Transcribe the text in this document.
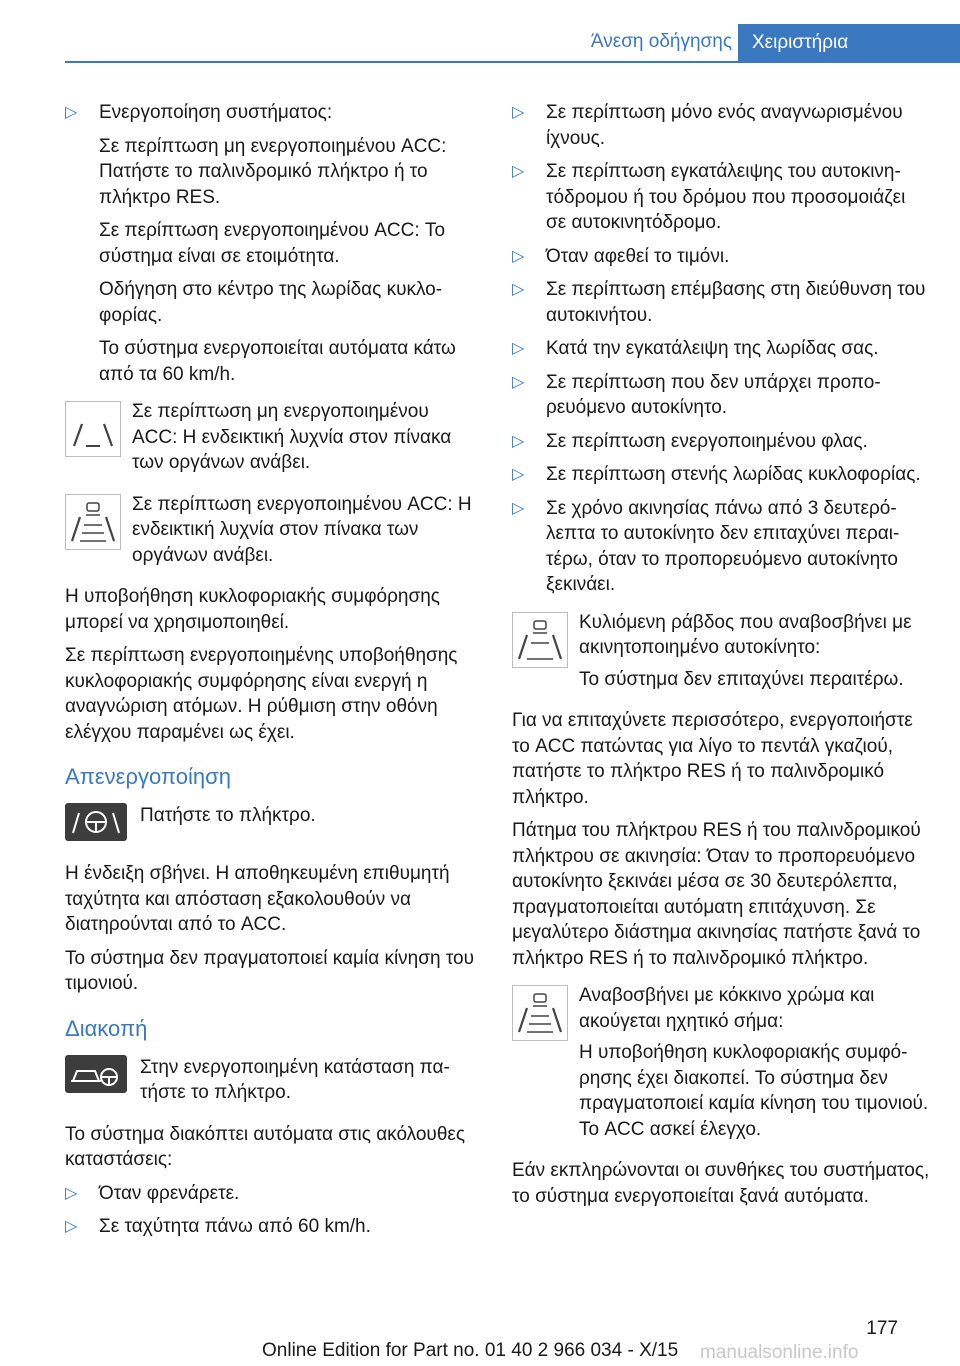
Άνεση οδήγησης	Χειριστήρια
▷ Ενεργοποίηση συστήματος:

Σε περίπτωση μη ενεργοποιημένου ACC: Πατήστε το παλινδρομικό πλήκτρο ή το πλήκτρο RES.

Σε περίπτωση ενεργοποιημένου ACC: Το σύστημα είναι σε ετοιμότητα.

Οδήγηση στο κέντρο της λωρίδας κυκλοφορίας.

Το σύστημα ενεργοποιείται αυτόματα κάτω από τα 60 km/h.

Σε περίπτωση μη ενεργοποιημένου ACC: Η ενδεικτική λυχνία στον πίνακα των οργάνων ανάβει.
Σε περίπτωση ενεργοποιημένου ACC: Η ενδεικτική λυχνία στον πίνακα των οργάνων ανάβει.

Η υποβοήθηση κυκλοφοριακής συμφόρησης μπορεί να χρησιμοποιηθεί.

Σε περίπτωση ενεργοποιημένης υποβοήθησης κυκλοφοριακής συμφόρησης είναι ενεργή η αναγνώριση ατόμων. Η ρύθμιση στην οθόνη ελέγχου παραμένει ως έχει.

Απενεργοποίηση
Πατήστε το πλήκτρο.

Η ένδειξη σβήνει. Η αποθηκευμένη επιθυμητή ταχύτητα και απόσταση εξακολουθούν να διατηρούνται από το ACC.

Το σύστημα δεν πραγματοποιεί καμία κίνηση του τιμονιού.

Διακοπή
Στην ενεργοποιημένη κατάσταση πατήστε το πλήκτρο.

Το σύστημα διακόπτει αυτόματα στις ακόλουθες καταστάσεις:

▷ Όταν φρενάρετε.
▷ Σε ταχύτητα πάνω από 60 km/h.
▷ Σε περίπτωση μόνο ενός αναγνωρισμένου ίχνους.
▷ Σε περίπτωση εγκατάλειψης του αυτοκινητόδρομου ή του δρόμου που προσομοιάζει σε αυτοκινητόδρομο.
▷ Όταν αφεθεί το τιμόνι.
▷ Σε περίπτωση επέμβασης στη διεύθυνση του αυτοκινήτου.
▷ Κατά την εγκατάλειψη της λωρίδας σας.
▷ Σε περίπτωση που δεν υπάρχει προπορευόμενο αυτοκίνητο.
▷ Σε περίπτωση ενεργοποιημένου φλας.
▷ Σε περίπτωση στενής λωρίδας κυκλοφορίας.
▷ Σε χρόνο ακινησίας πάνω από 3 δευτερόλεπτα το αυτοκίνητο δεν επιταχύνει περαιτέρω, όταν το προπορευόμενο αυτοκίνητο ξεκινάει.

Κυλιόμενη ράβδος που αναβοσβήνει με ακινητοποιημένο αυτοκίνητο:

Το σύστημα δεν επιταχύνει περαιτέρω.

Για να επιταχύνετε περισσότερο, ενεργοποιήστε το ACC πατώντας για λίγο το πεντάλ γκαζιού, πατήστε το πλήκτρο RES ή το παλινδρομικό πλήκτρο.

Πάτημα του πλήκτρου RES ή του παλινδρομικού πλήκτρου σε ακινησία: Όταν το προπορευόμενο αυτοκίνητο ξεκινάει μέσα σε 30 δευτερόλεπτα, πραγματοποιείται αυτόματη επιτάχυνση. Σε μεγαλύτερο διάστημα ακινησίας πατήστε ξανά το πλήκτρο RES ή το παλινδρομικό πλήκτρο.

Αναβοσβήνει με κόκκινο χρώμα και ακούγεται ηχητικό σήμα:

Η υποβοήθηση κυκλοφοριακής συμφόρησης έχει διακοπεί. Το σύστημα δεν πραγματοποιεί καμία κίνηση του τιμονιού. Το ACC ασκεί έλεγχο.

Εάν εκπληρώνονται οι συνθήκες του συστήματος, το σύστημα ενεργοποιείται ξανά αυτόματα.

177
Online Edition for Part no. 01 40 2 966 034 - X/15	manualsonline.info
